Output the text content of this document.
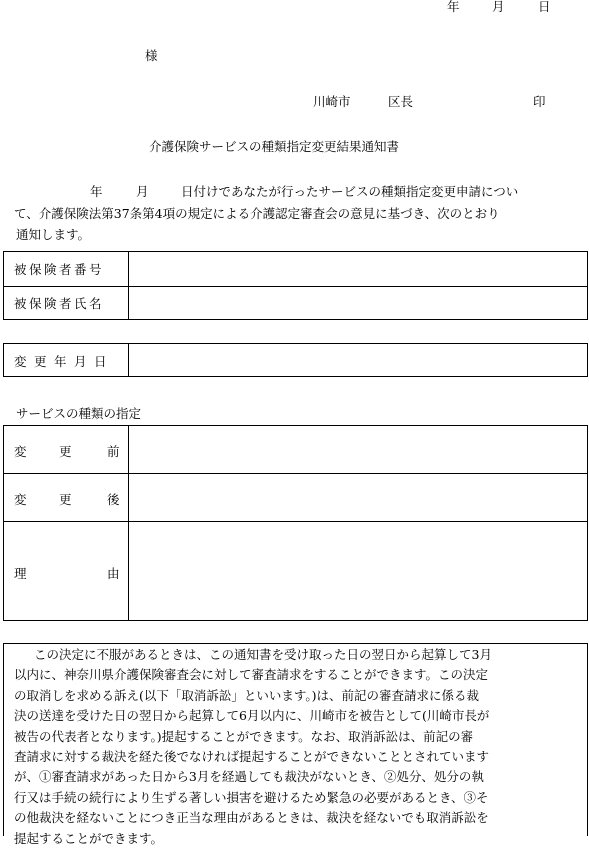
年	月	日
様
川崎市	区長	印
介護保険サービスの種類指定変更結果通知書
年	月	日付けであなたが行ったサービスの種類指定変更申請につい
て、介護保険法第37条第4項の規定による介護認定審査会の意見に基づき、次のとおり
通知します。
被保険者番号
被保険者氏名
変更年月日
サービスの種類の指定
変	更	前
変	更	後
理	由
この決定に不服があるときは、この通知書を受け取った日の翌日から起算して3月
以内に、神奈川県介護保険審査会に対して審査請求をすることができます。この決定
の取消しを求める訴え(以下「取消訴訟」といいます。)は、前記の審査請求に係る裁
決の送達を受けた日の翌日から起算して6月以内に、川崎市を被告として(川崎市長が
被告の代表者となります。)提起することができます。なお、取消訴訟は、前記の審
査請求に対する裁決を経た後でなければ提起することができないこととされています
が、①審査請求があった日から3月を経過しても裁決がないとき、②処分、処分の執
行又は手続の続行により生ずる著しい損害を避けるため緊急の必要があるとき、③そ
の他裁決を経ないことにつき正当な理由があるときは、裁決を経ないでも取消訴訟を
提起することができます。
